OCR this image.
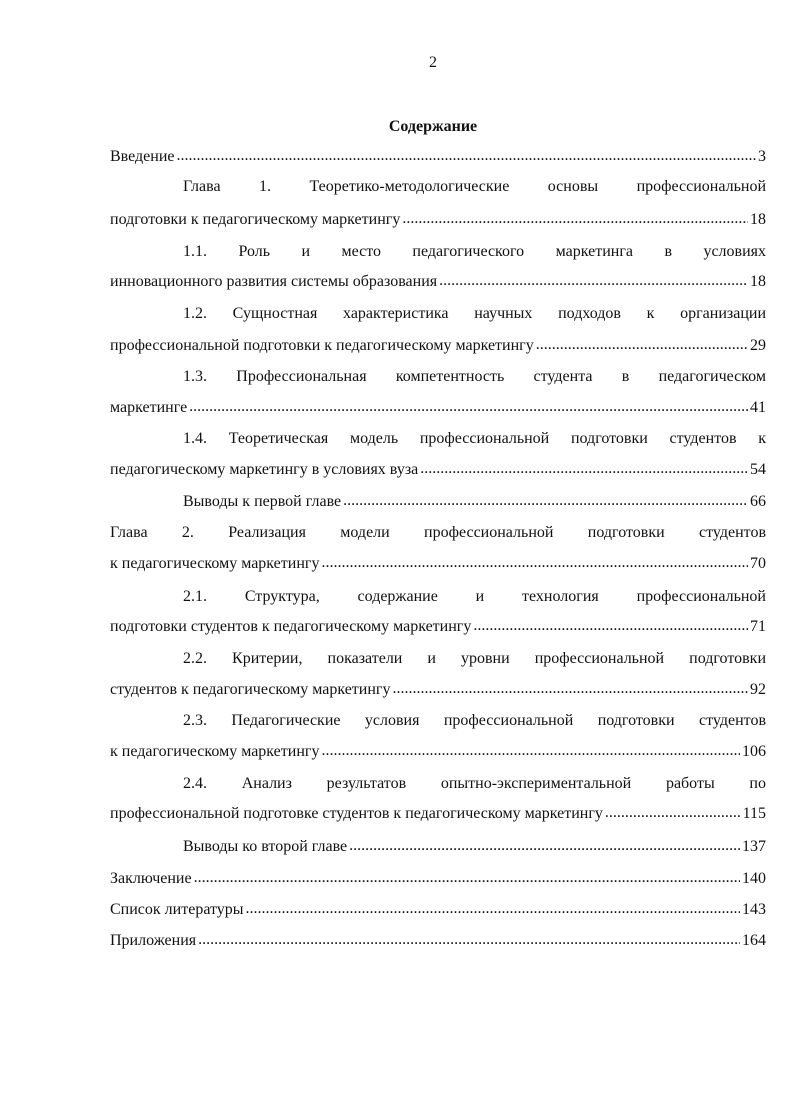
2
Содержание
Введение .....	3
Глава 1. Теоретико-методологические основы профессиональной
подготовки к педагогическому маркетингу .....	18
1.1. Роль и место педагогического маркетинга в условиях
инновационного развития системы образования .....	18
1.2. Сущностная характеристика научных подходов к организации
профессиональной подготовки к педагогическому маркетингу .....	29
1.3. Профессиональная компетентность студента в педагогическом
маркетинге .....	41
1.4. Теоретическая модель профессиональной подготовки студентов к
педагогическому маркетингу в условиях вуза .....	54
Выводы к первой главе .....	66
Глава 2. Реализация модели профессиональной подготовки студентов
к педагогическому маркетингу .....	70
2.1. Структура, содержание и технология профессиональной
подготовки студентов к педагогическому маркетингу .....	71
2.2. Критерии, показатели и уровни профессиональной подготовки
студентов к педагогическому маркетингу .....	92
2.3. Педагогические условия профессиональной подготовки студентов
к педагогическому маркетингу .....	106
2.4. Анализ результатов опытно-экспериментальной работы по
профессиональной подготовке студентов к педагогическому маркетингу .....	115
Выводы ко второй главе .....	137
Заключение .....	140
Список литературы .....	143
Приложения .....	164
